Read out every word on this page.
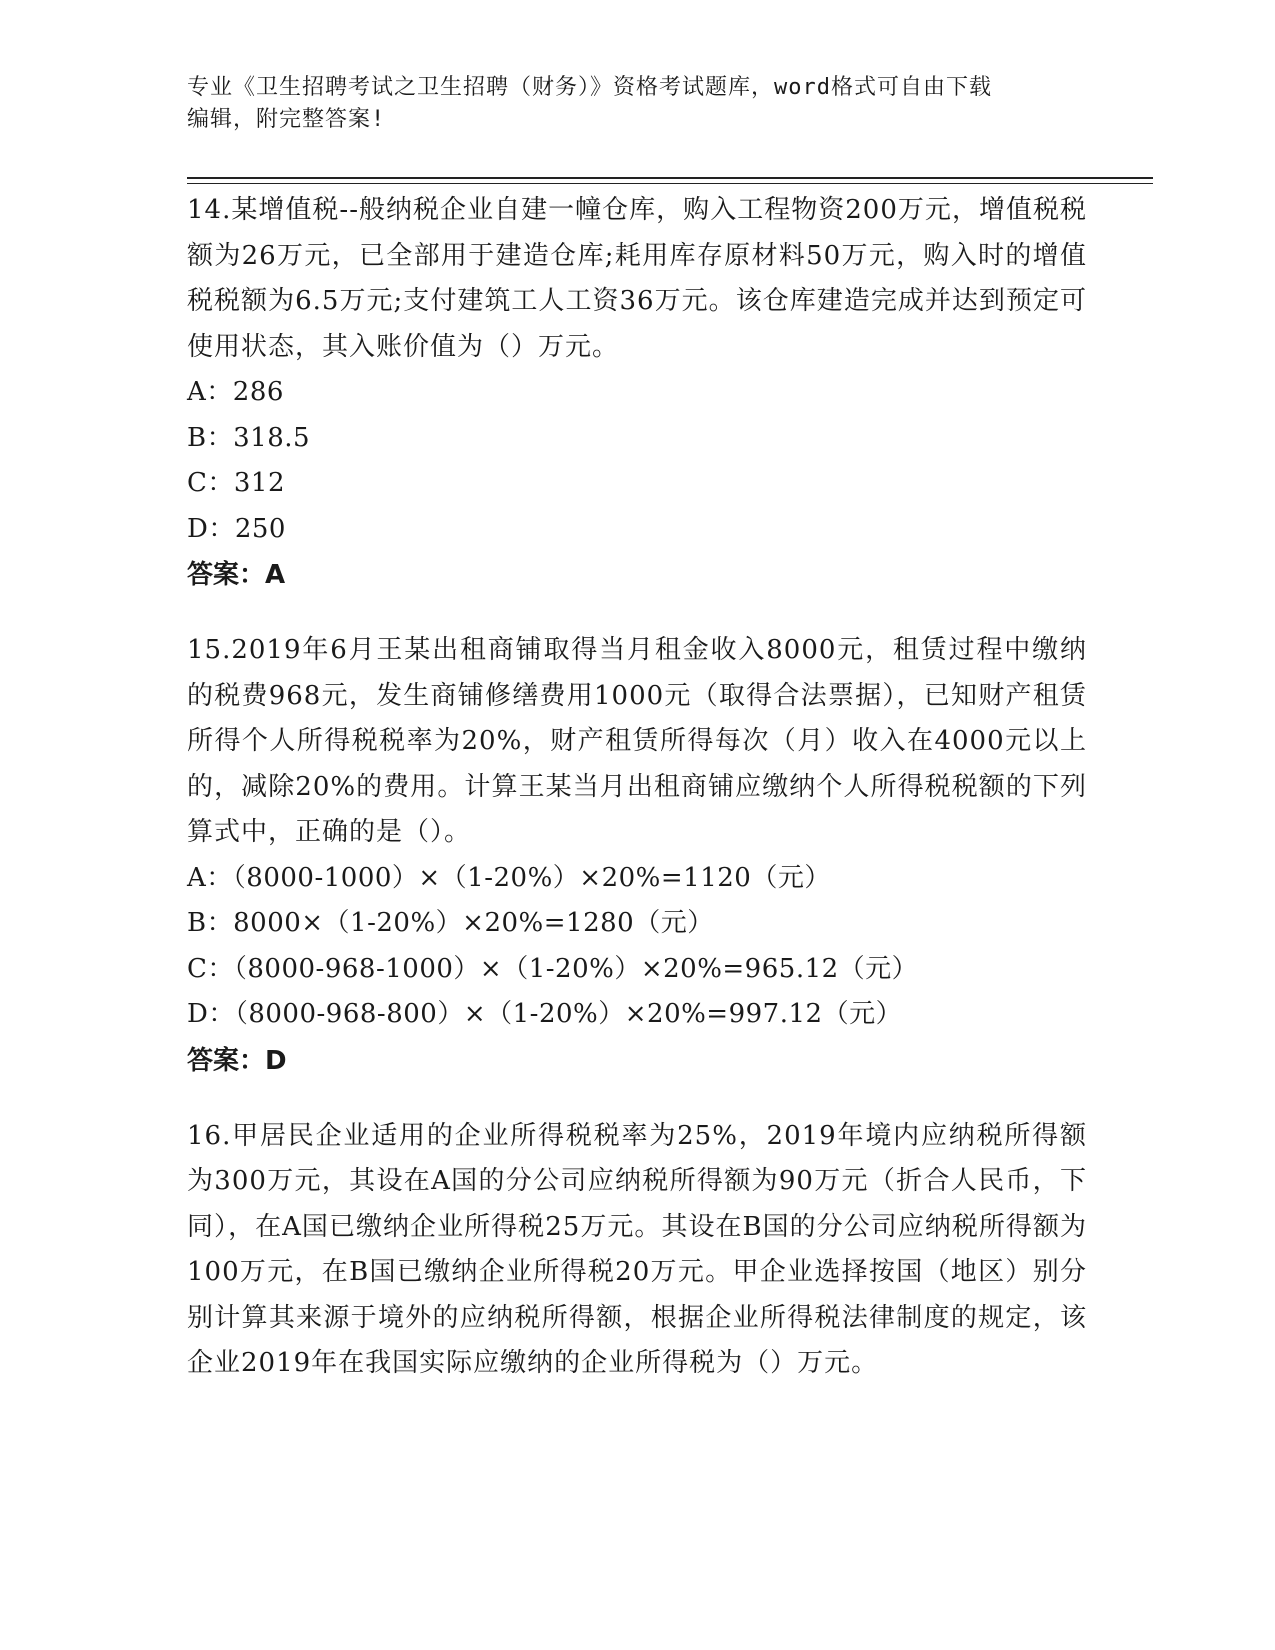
专业《卫生招聘考试之卫生招聘（财务）》资格考试题库，word格式可自由下载
编辑，附完整答案!
14.某增值税--般纳税企业自建一幢仓库，购入工程物资200万元，增值税税额为26万元，已全部用于建造仓库;耗用库存原材料50万元，购入时的增值税税额为6.5万元;支付建筑工人工资36万元。该仓库建造完成并达到预定可使用状态，其入账价值为（）万元。
A：286
B：318.5
C：312
D：250
答案：A
15.2019年6月王某出租商铺取得当月租金收入8000元，租赁过程中缴纳的税费968元，发生商铺修缮费用1000元（取得合法票据），已知财产租赁所得个人所得税税率为20%，财产租赁所得每次（月）收入在4000元以上的，减除20%的费用。计算王某当月出租商铺应缴纳个人所得税税额的下列算式中，正确的是（）。
A：（8000-1000）×（1-20%）×20%=1120（元）
B：8000×（1-20%）×20%=1280（元）
C：（8000-968-1000）×（1-20%）×20%=965.12（元）
D：（8000-968-800）×（1-20%）×20%=997.12（元）
答案：D
16.甲居民企业适用的企业所得税税率为25%，2019年境内应纳税所得额为300万元，其设在A国的分公司应纳税所得额为90万元（折合人民币，下同），在A国已缴纳企业所得税25万元。其设在B国的分公司应纳税所得额为100万元，在B国已缴纳企业所得税20万元。甲企业选择按国（地区）别分别计算其来源于境外的应纳税所得额，根据企业所得税法律制度的规定，该企业2019年在我国实际应缴纳的企业所得税为（）万元。
